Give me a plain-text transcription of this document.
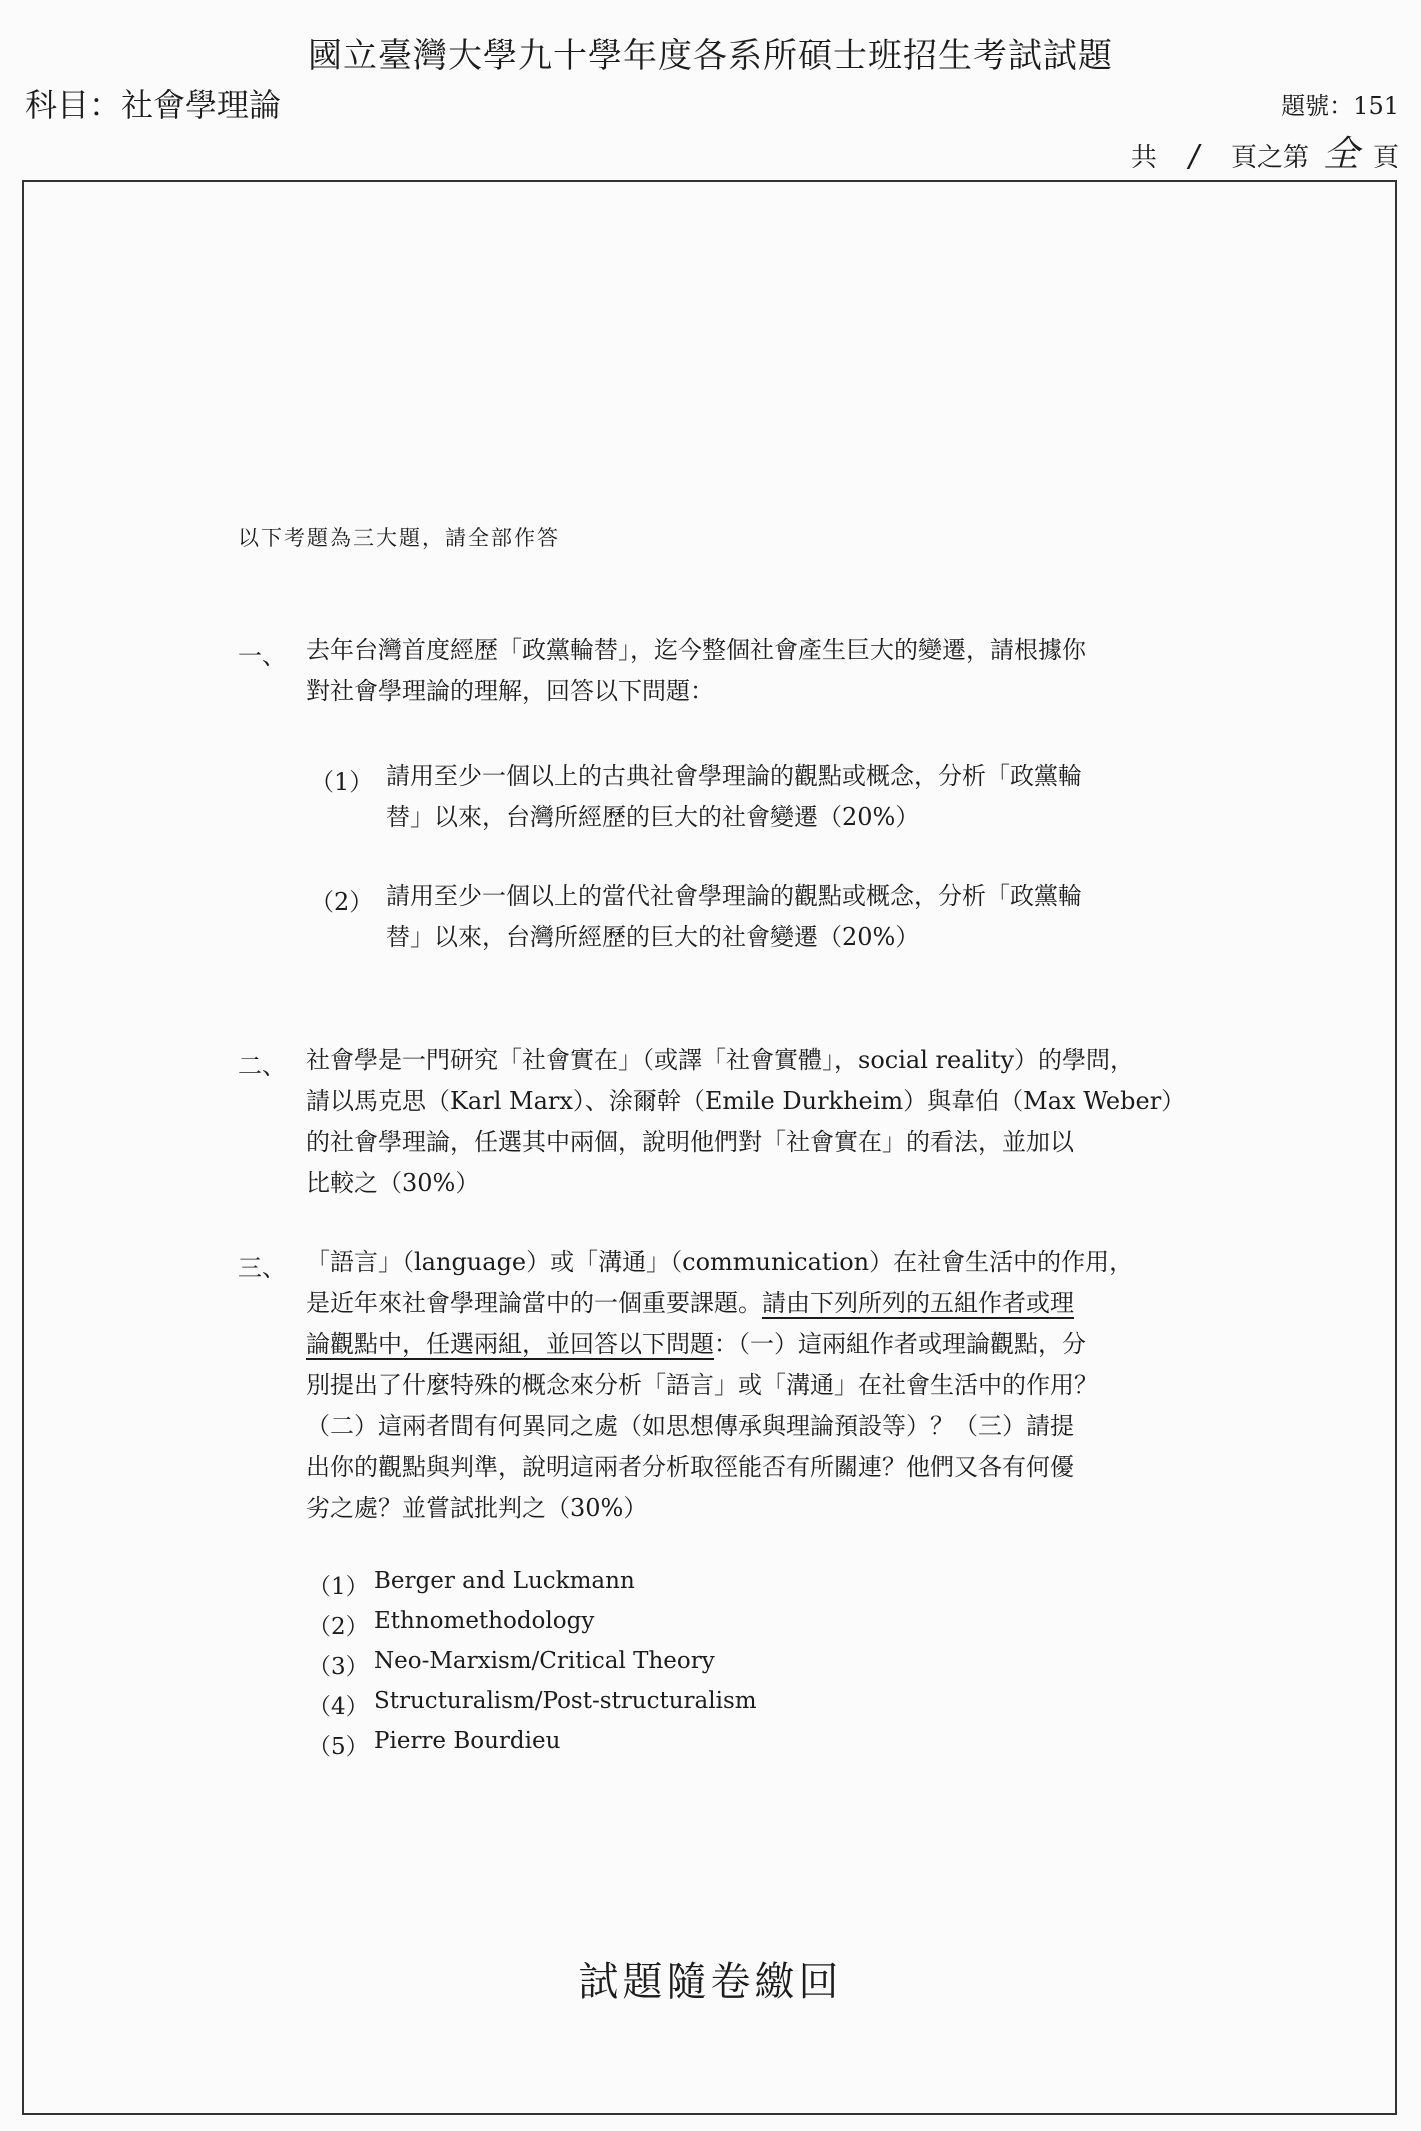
國立臺灣大學九十學年度各系所碩士班招生考試試題
科目：社會學理論	題號：151
共	/	頁之第 全 頁
以下考題為三大題，請全部作答
一、 去年台灣首度經歷「政黨輪替」，迄今整個社會產生巨大的變遷，請根據你
對社會學理論的理解，回答以下問題：
（1） 請用至少一個以上的古典社會學理論的觀點或概念，分析「政黨輪
替」以來，台灣所經歷的巨大的社會變遷（20%）
（2） 請用至少一個以上的當代社會學理論的觀點或概念，分析「政黨輪
替」以來，台灣所經歷的巨大的社會變遷（20%）
二、 社會學是一門研究「社會實在」（或譯「社會實體」，social reality）的學問，
請以馬克思（Karl Marx）、涂爾幹（Emile Durkheim）與韋伯（Max Weber）
的社會學理論，任選其中兩個，說明他們對「社會實在」的看法，並加以
比較之（30%）
三、 「語言」（language）或「溝通」（communication）在社會生活中的作用，
是近年來社會學理論當中的一個重要課題。請由下列所列的五組作者或理
論觀點中，任選兩組，並回答以下問題：（一）這兩組作者或理論觀點，分
別提出了什麼特殊的概念來分析「語言」或「溝通」在社會生活中的作用？
（二）這兩者間有何異同之處（如思想傳承與理論預設等）？（三）請提
出你的觀點與判準，說明這兩者分析取徑能否有所關連？他們又各有何優
劣之處？並嘗試批判之（30%）
（1） Berger and Luckmann
（2） Ethnomethodology
（3） Neo-Marxism/Critical Theory
（4） Structuralism/Post-structuralism
（5） Pierre Bourdieu
試題隨卷繳回
